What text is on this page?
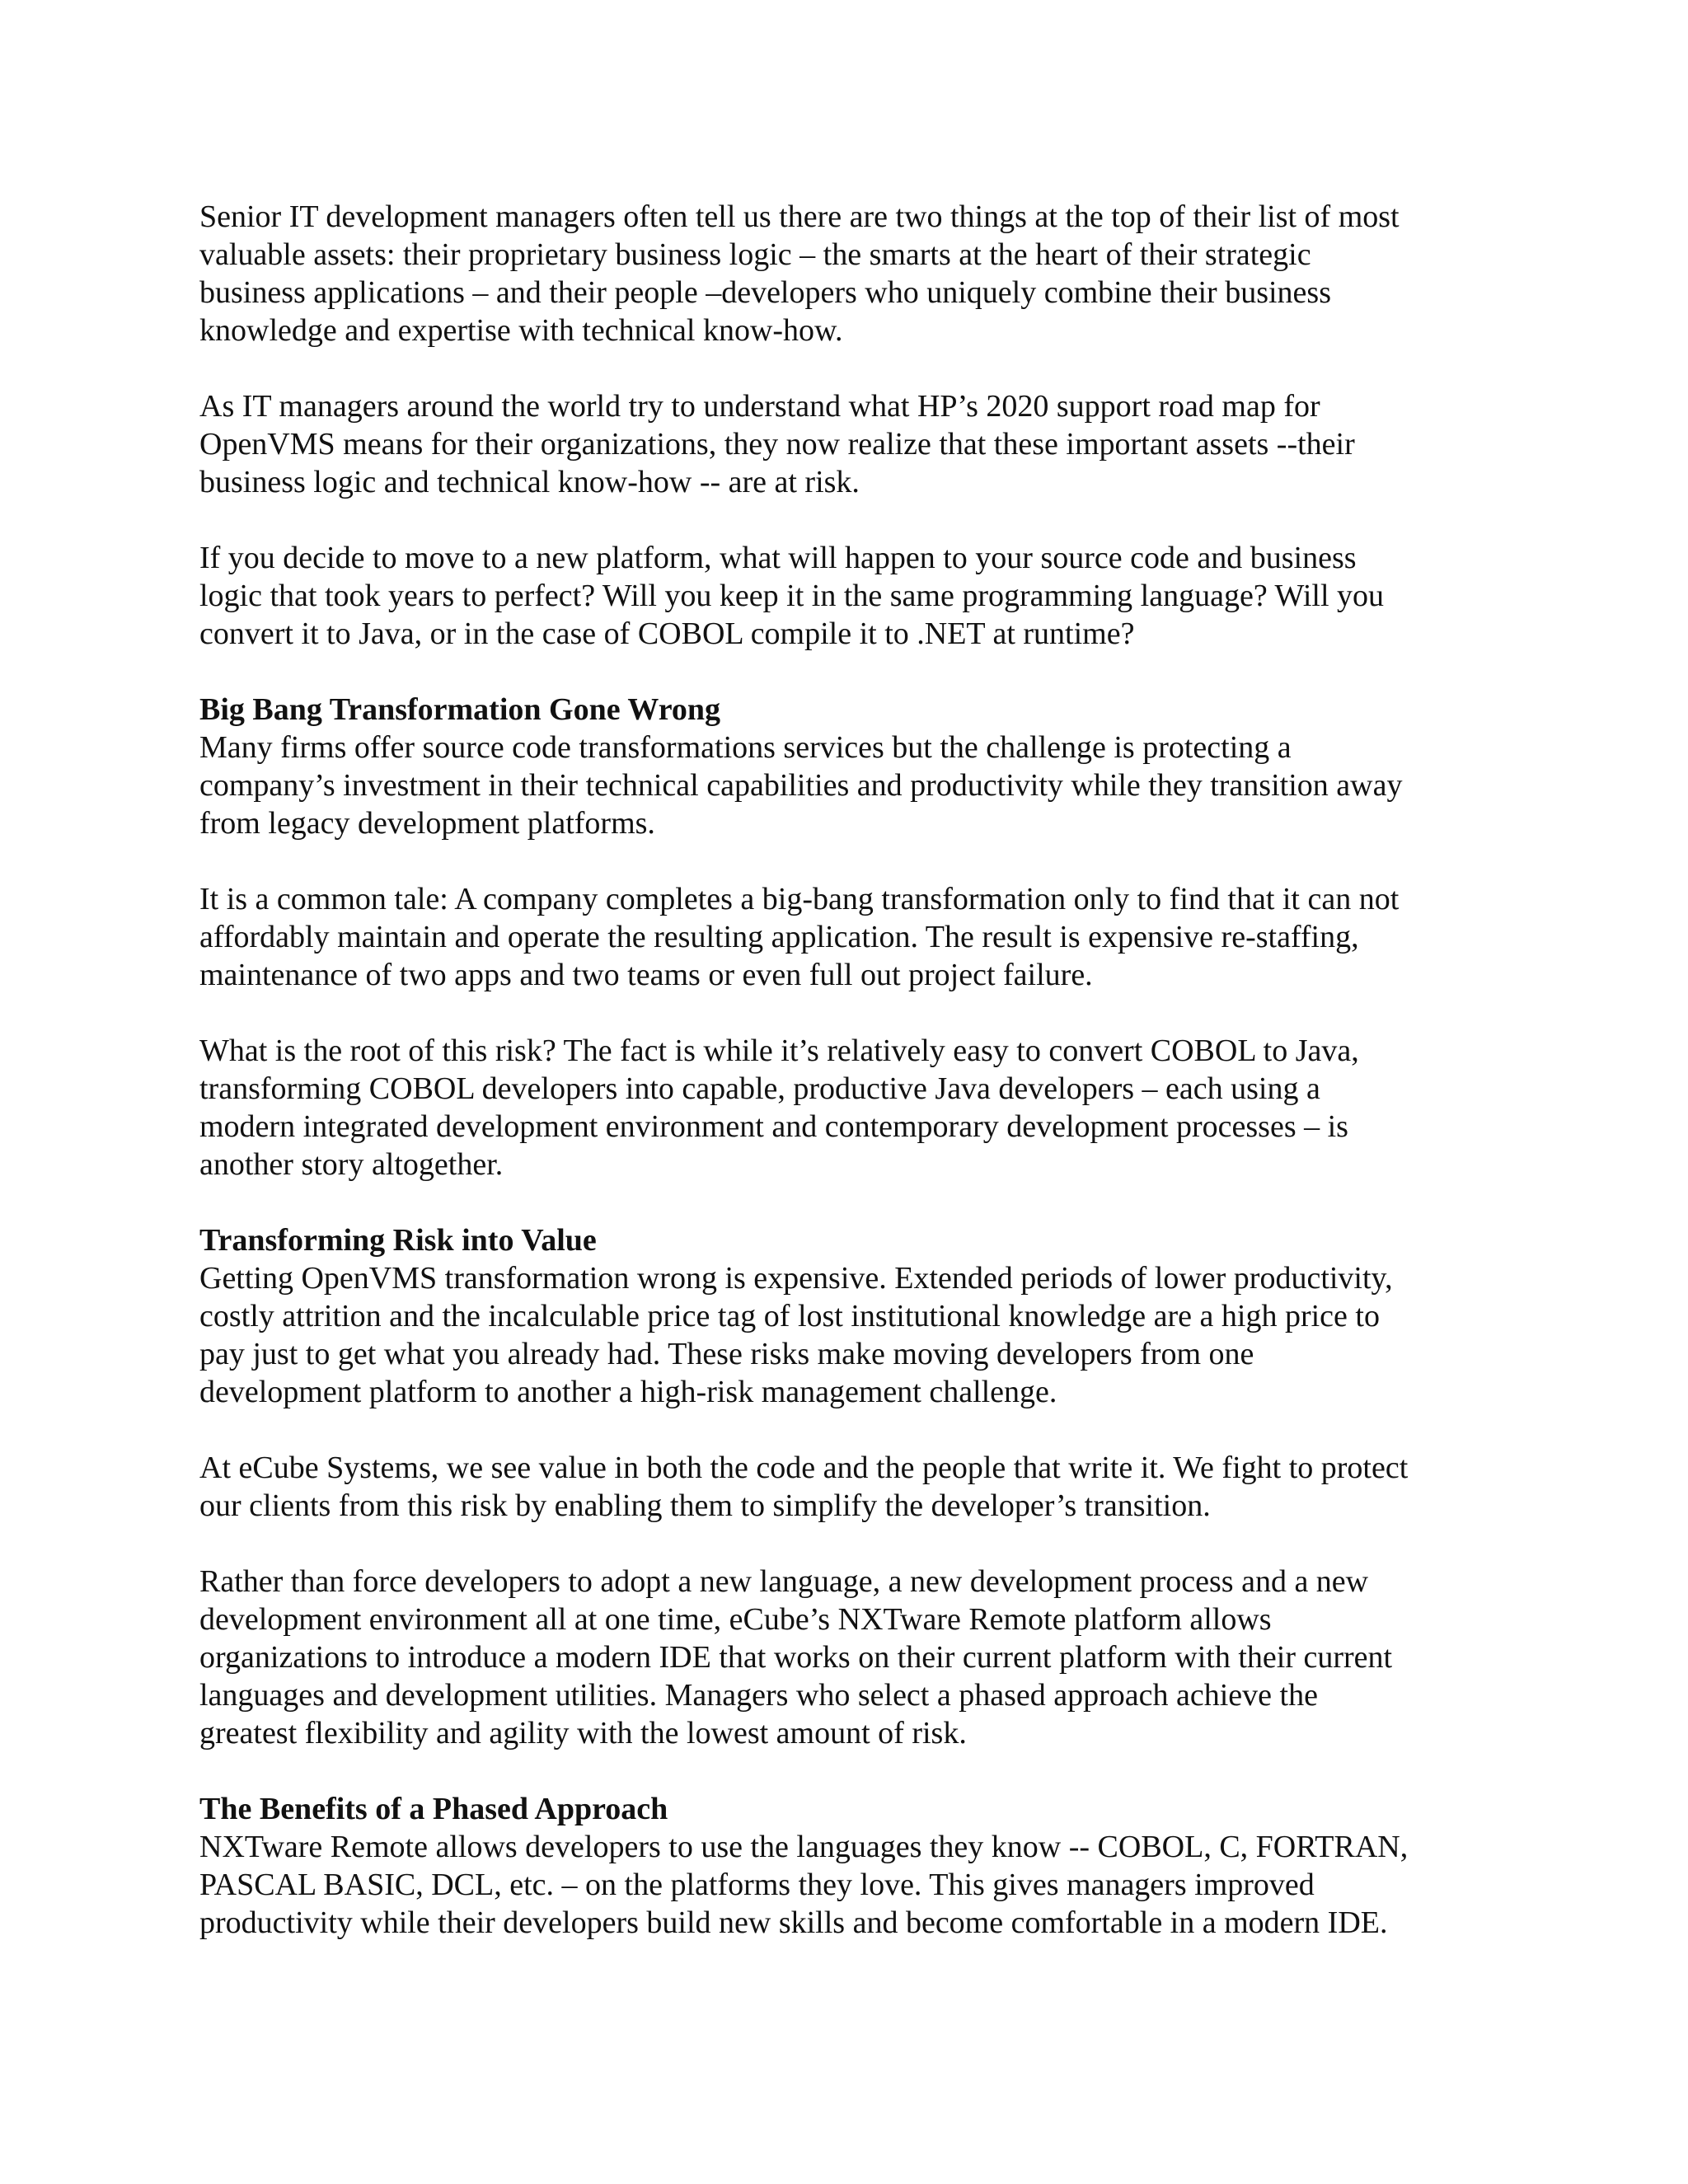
Senior IT development managers often tell us there are two things at the top of their list of most
valuable assets: their proprietary business logic – the smarts at the heart of their strategic
business applications – and their people –developers who uniquely combine their business
knowledge and expertise with technical know-how.

As IT managers around the world try to understand what HP’s 2020 support road map for
OpenVMS means for their organizations, they now realize that these important assets --their
business logic and technical know-how -- are at risk.

If you decide to move to a new platform, what will happen to your source code and business
logic that took years to perfect? Will you keep it in the same programming language? Will you
convert it to Java, or in the case of COBOL compile it to .NET at runtime?

Big Bang Transformation Gone Wrong
Many firms offer source code transformations services but the challenge is protecting a
company’s investment in their technical capabilities and productivity while they transition away
from legacy development platforms.

It is a common tale: A company completes a big-bang transformation only to find that it can not
affordably maintain and operate the resulting application. The result is expensive re-staffing,
maintenance of two apps and two teams or even full out project failure.

What is the root of this risk? The fact is while it’s relatively easy to convert COBOL to Java,
transforming COBOL developers into capable, productive Java developers – each using a
modern integrated development environment and contemporary development processes – is
another story altogether.

Transforming Risk into Value
Getting OpenVMS transformation wrong is expensive. Extended periods of lower productivity,
costly attrition and the incalculable price tag of lost institutional knowledge are a high price to
pay just to get what you already had. These risks make moving developers from one
development platform to another a high-risk management challenge.

At eCube Systems, we see value in both the code and the people that write it. We fight to protect
our clients from this risk by enabling them to simplify the developer’s transition.

Rather than force developers to adopt a new language, a new development process and a new
development environment all at one time, eCube’s NXTware Remote platform allows
organizations to introduce a modern IDE that works on their current platform with their current
languages and development utilities. Managers who select a phased approach achieve the
greatest flexibility and agility with the lowest amount of risk.

The Benefits of a Phased Approach
NXTware Remote allows developers to use the languages they know -- COBOL, C, FORTRAN,
PASCAL BASIC, DCL, etc. – on the platforms they love. This gives managers improved
productivity while their developers build new skills and become comfortable in a modern IDE.
